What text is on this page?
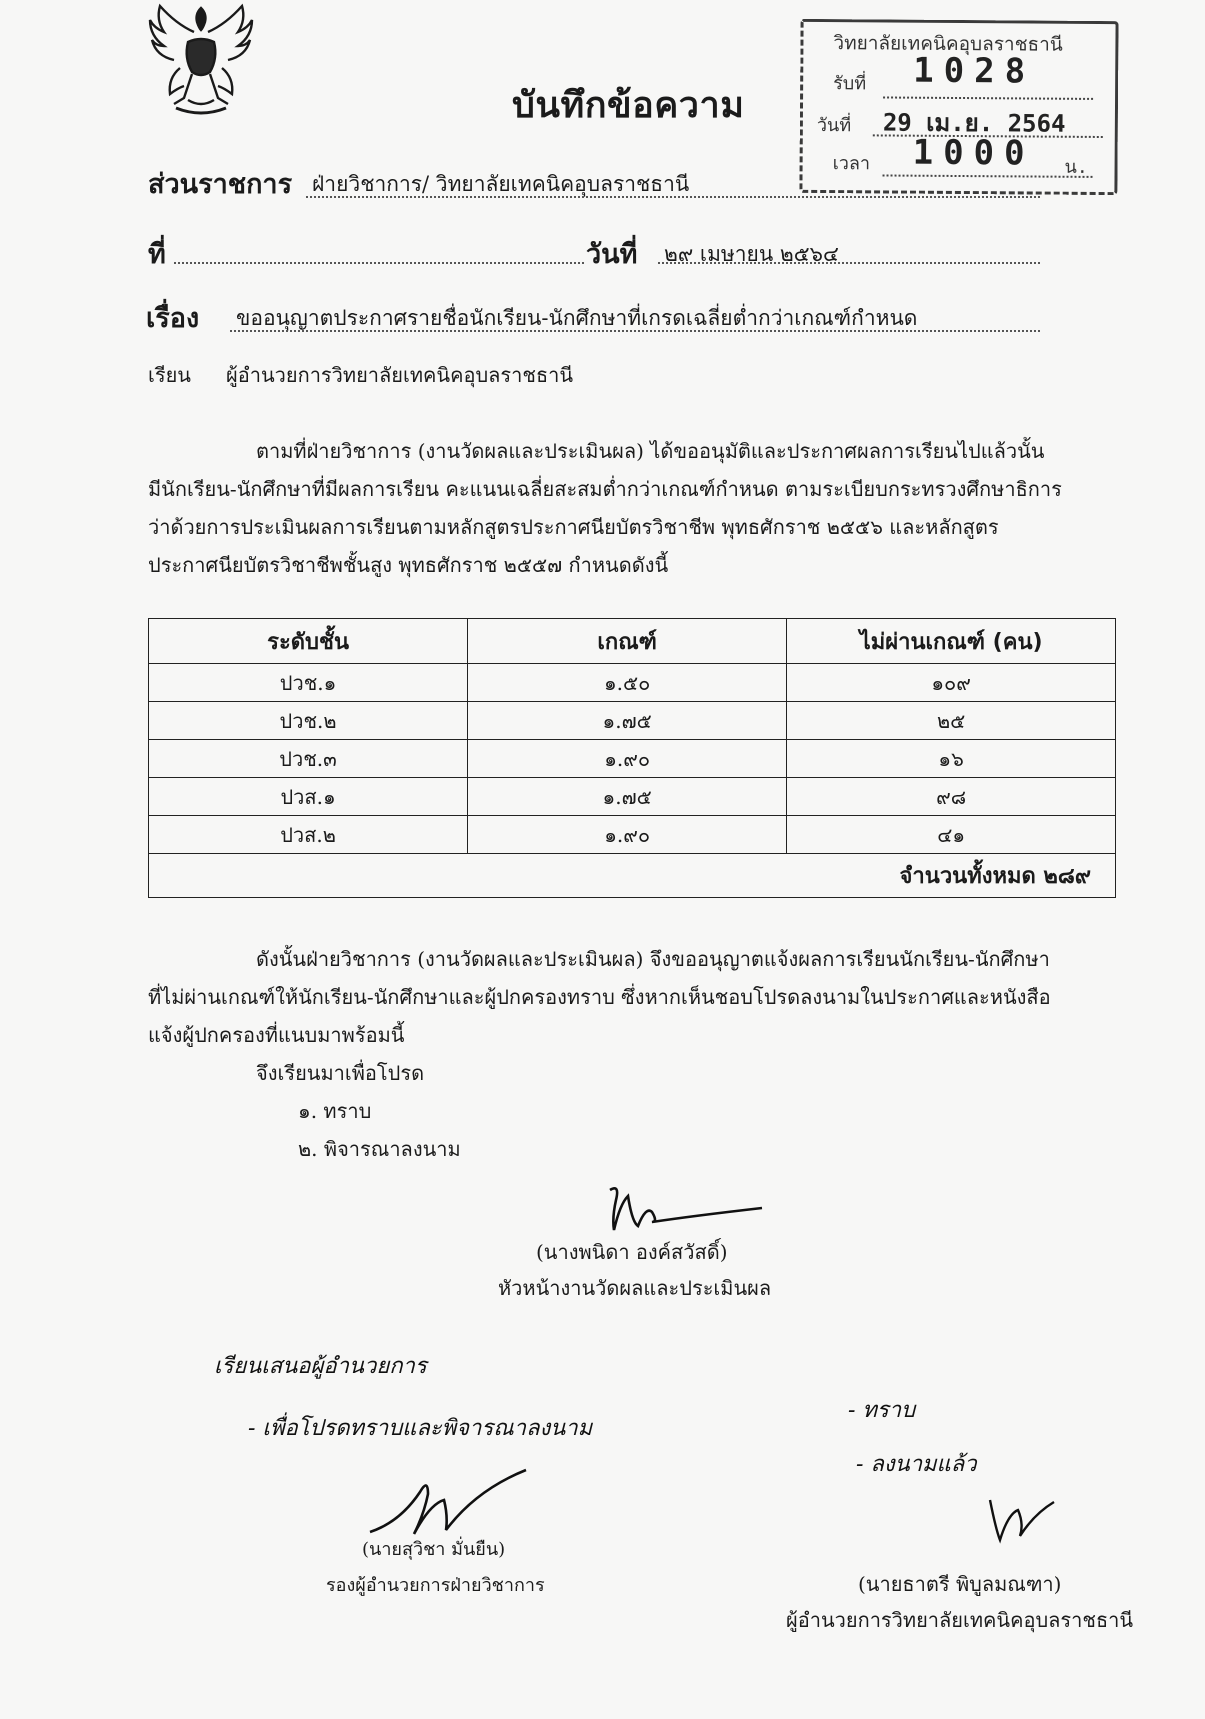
บันทึกข้อความ
วิทยาลัยเทคนิคอุบลราชธานี
รับที่ 1028
วันที่ 29 เม.ย. 2564
เวลา 1000 น.
ส่วนราชการ ฝ่ายวิชาการ/ วิทยาลัยเทคนิคอุบลราชธานี
ที่	วันที่ ๒๙ เมษายน ๒๕๖๔
เรื่อง ขออนุญาตประกาศรายชื่อนักเรียน-นักศึกษาที่เกรดเฉลี่ยต่ำกว่าเกณฑ์กำหนด
เรียน ผู้อำนวยการวิทยาลัยเทคนิคอุบลราชธานี
ตามที่ฝ่ายวิชาการ (งานวัดผลและประเมินผล) ได้ขออนุมัติและประกาศผลการเรียนไปแล้วนั้น
มีนักเรียน-นักศึกษาที่มีผลการเรียน คะแนนเฉลี่ยสะสมต่ำกว่าเกณฑ์กำหนด ตามระเบียบกระทรวงศึกษาธิการ
ว่าด้วยการประเมินผลการเรียนตามหลักสูตรประกาศนียบัตรวิชาชีพ พุทธศักราช ๒๕๕๖ และหลักสูตร
ประกาศนียบัตรวิชาชีพชั้นสูง พุทธศักราช ๒๕๕๗ กำหนดดังนี้
ระดับชั้น	เกณฑ์	ไม่ผ่านเกณฑ์ (คน)
ปวช.๑	๑.๕๐	๑๐๙
ปวช.๒	๑.๗๕	๒๕
ปวช.๓	๑.๙๐	๑๖
ปวส.๑	๑.๗๕	๙๘
ปวส.๒	๑.๙๐	๔๑
จำนวนทั้งหมด ๒๘๙		
ดังนั้นฝ่ายวิชาการ (งานวัดผลและประเมินผล) จึงขออนุญาตแจ้งผลการเรียนนักเรียน-นักศึกษา
ที่ไม่ผ่านเกณฑ์ให้นักเรียน-นักศึกษาและผู้ปกครองทราบ ซึ่งหากเห็นชอบโปรดลงนามในประกาศและหนังสือ
แจ้งผู้ปกครองที่แนบมาพร้อมนี้
จึงเรียนมาเพื่อโปรด
๑. ทราบ
๒. พิจารณาลงนาม
(นางพนิดา องค์สวัสดิ์)
หัวหน้างานวัดผลและประเมินผล
เรียนเสนอผู้อำนวยการ
- เพื่อโปรดทราบและพิจารณาลงนาม
(นายสุวิชา มั่นยืน)
รองผู้อำนวยการฝ่ายวิชาการ
- ทราบ
- ลงนามแล้ว
(นายธาตรี พิบูลมณฑา)
ผู้อำนวยการวิทยาลัยเทคนิคอุบลราชธานี
